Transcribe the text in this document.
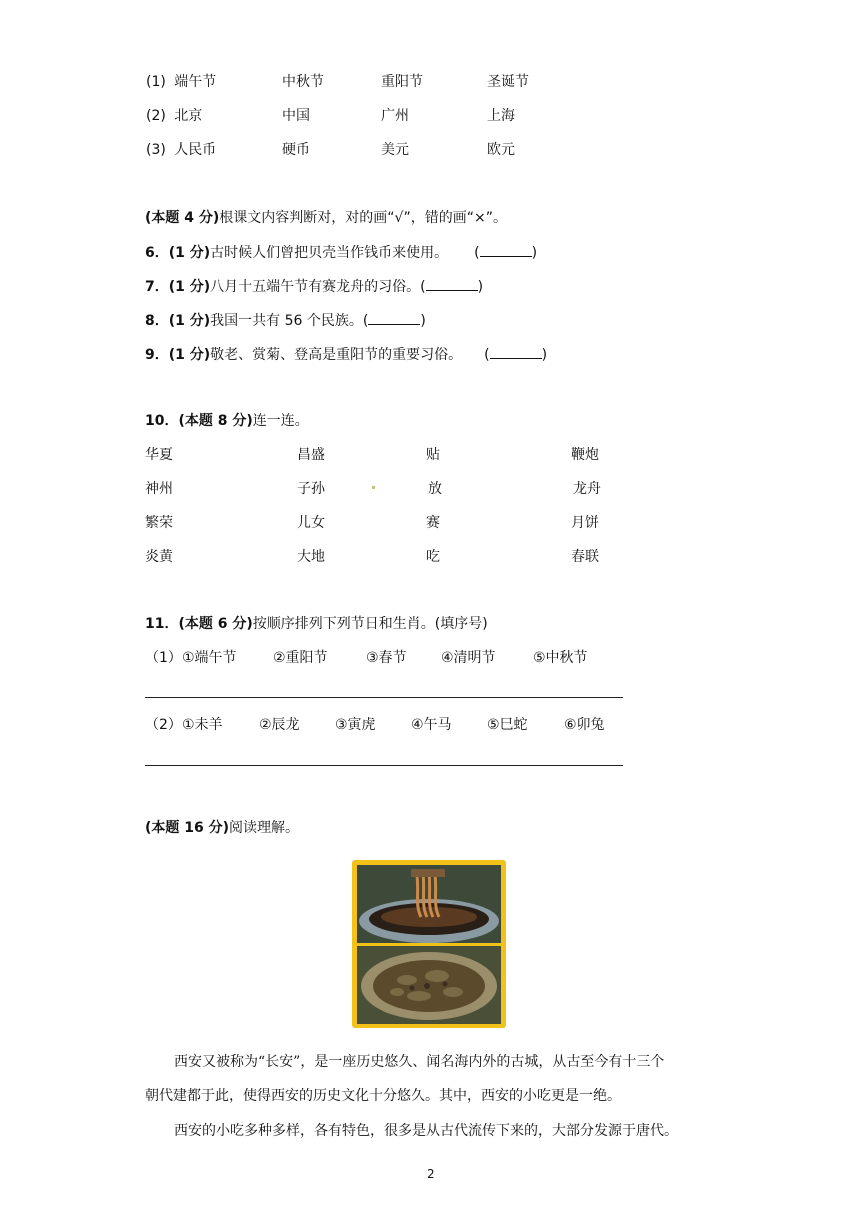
(1) 端午节	中秋节	重阳节	圣诞节
(2) 北京	中国	广州	上海
(3) 人民币	硬币	美元	欧元
(本题 4 分)根课文内容判断对，对的画“√”，错的画“×”。
6．(1 分)古时候人们曾把贝壳当作钱币来使用。 (	)
7．(1 分)八月十五端午节有赛龙舟的习俗。(	)
8．(1 分)我国一共有 56 个民族。(	)
9．(1 分)敬老、赏菊、登高是重阳节的重要习俗。 (	)
10．(本题 8 分)连一连。
华夏	昌盛	贴	鞭炮
神州	子孙	放	龙舟
繁荣	儿女	赛	月饼
炎黄	大地	吃	春联
11．(本题 6 分)按顺序排列下列节日和生肖。(填序号)
（1） ①端午节	②重阳节	③春节 ④清明节	⑤中秋节
（2） ①未羊	②辰龙	③寅虎	④午马	⑤巳蛇	⑥卯兔
(本题 16 分)阅读理解。
西安又被称为“长安”，是一座历史悠久、闻名海内外的古城，从古至今有十三个
朝代建都于此，使得西安的历史文化十分悠久。其中，西安的小吃更是一绝。
西安的小吃多种多样，各有特色，很多是从古代流传下来的，大部分发源于唐代。
2
